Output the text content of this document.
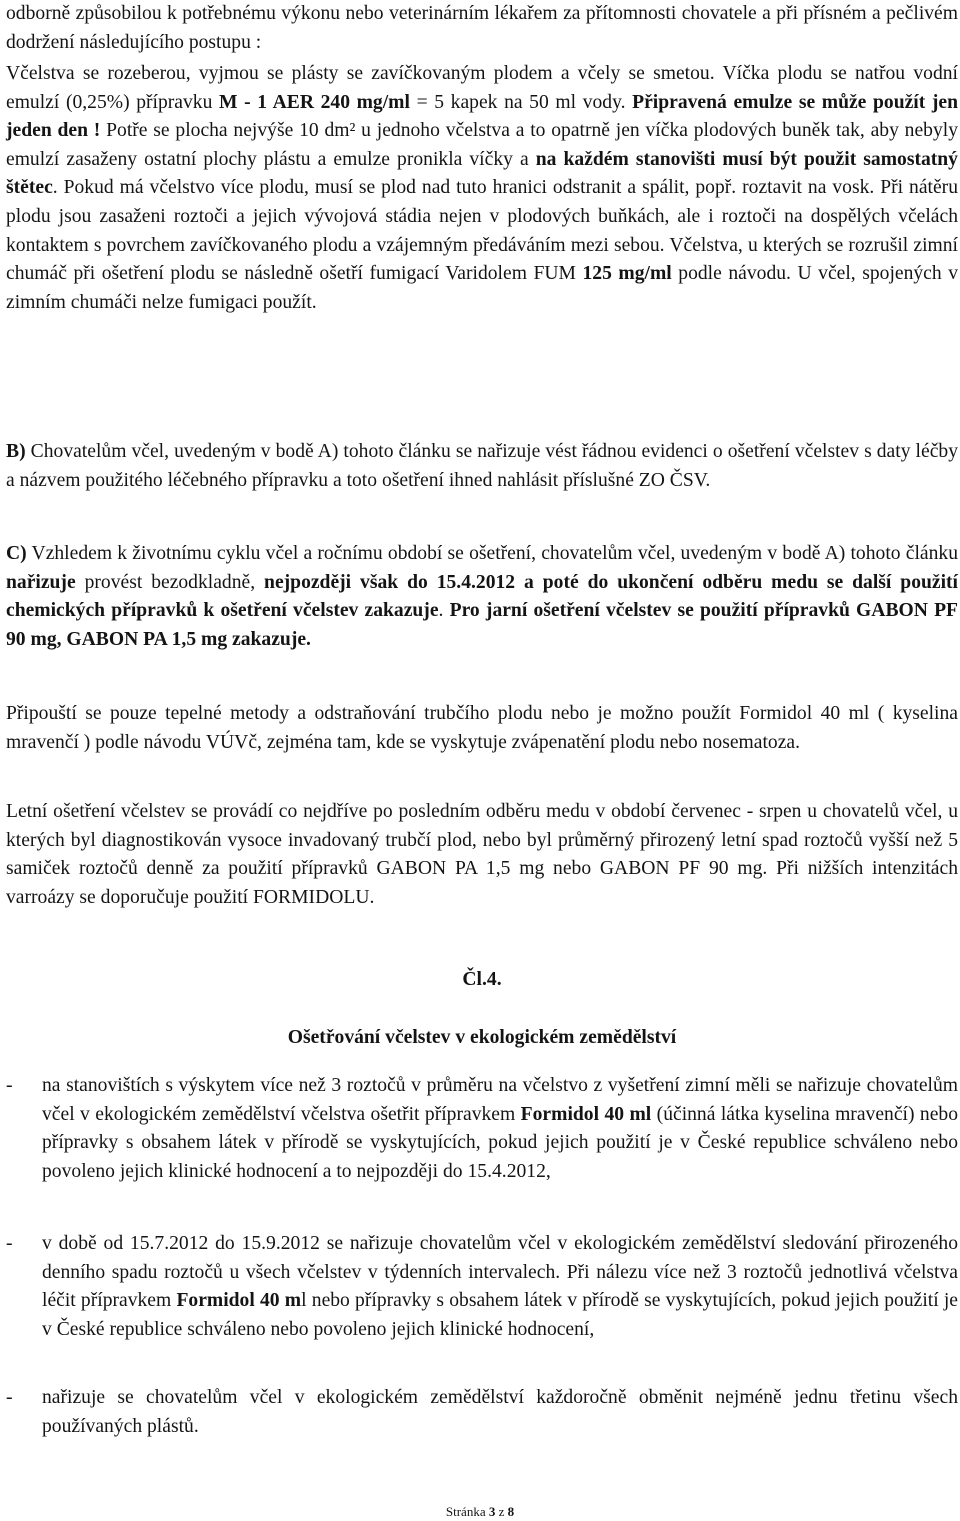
odborně způsobilou k potřebnému výkonu nebo veterinárním lékařem za přítomnosti chovatele a při přísném a pečlivém dodržení následujícího postupu :

Včelstva se rozeberou, vyjmou se plásty se zavíčkovaným plodem a včely se smetou. Víčka plodu se natřou vodní emulzí (0,25%) přípravku M - 1 AER 240 mg/ml = 5 kapek na 50 ml vody. Připravená emulze se může použít jen jeden den ! Potře se plocha nejvýše 10 dm² u jednoho včelstva a to opatrně jen víčka plodových buněk tak, aby nebyly emulzí zasaženy ostatní plochy plástu a emulze pronikla víčky a na každém stanovišti musí být použit samostatný štětec. Pokud má včelstvo více plodu, musí se plod nad tuto hranici odstranit a spálit, popř. roztavit na vosk. Při nátěru plodu jsou zasaženi roztoči a jejich vývojová stádia nejen v plodových buňkách, ale i roztoči na dospělých včelách kontaktem s povrchem zavíčkovaného plodu a vzájemným předáváním mezi sebou. Včelstva, u kterých se rozrušil zimní chumáč při ošetření plodu se následně ošetří fumigací Varidolem FUM 125 mg/ml podle návodu. U včel, spojených v zimním chumáči nelze fumigaci použít.

B) Chovatelům včel, uvedeným v bodě A) tohoto článku se nařizuje vést řádnou evidenci o ošetření včelstev s daty léčby a názvem použitého léčebného přípravku a toto ošetření ihned nahlásit příslušné ZO ČSV.

C) Vzhledem k životnímu cyklu včel a ročnímu období se ošetření, chovatelům včel, uvedeným v bodě A) tohoto článku nařizuje provést bezodkladně, nejpozději však do 15.4.2012 a poté do ukončení odběru medu se další použití chemických přípravků k ošetření včelstev zakazuje. Pro jarní ošetření včelstev se použití přípravků GABON PF 90 mg, GABON PA 1,5 mg zakazuje.

Připouští se pouze tepelné metody a odstraňování trubčího plodu nebo je možno použít Formidol 40 ml ( kyselina mravenčí ) podle návodu VÚVč, zejména tam, kde se vyskytuje zvápenatění plodu nebo nosematoza.

Letní ošetření včelstev se provádí co nejdříve po posledním odběru medu v období červenec - srpen u chovatelů včel, u kterých byl diagnostikován vysoce invadovaný trubčí plod, nebo byl průměrný přirozený letní spad roztočů vyšší než 5 samiček roztočů denně za použití přípravků GABON PA 1,5 mg nebo GABON PF 90 mg. Při nižších intenzitách varroázy se doporučuje použití FORMIDOLU.

Čl.4.
Ošetřování včelstev v ekologickém zemědělství
- na stanovištích s výskytem více než 3 roztočů v průměru na včelstvo z vyšetření zimní měli se nařizuje chovatelům včel v ekologickém zemědělství včelstva ošetřit přípravkem Formidol 40 ml (účinná látka kyselina mravenčí) nebo přípravky s obsahem látek v přírodě se vyskytujících, pokud jejich použití je v České republice schváleno nebo povoleno jejich klinické hodnocení a to nejpozději do 15.4.2012,

- v době od 15.7.2012 do 15.9.2012 se nařizuje chovatelům včel v ekologickém zemědělství sledování přirozeného denního spadu roztočů u všech včelstev v týdenních intervalech. Při nálezu více než 3 roztočů jednotlivá včelstva léčit přípravkem Formidol 40 ml nebo přípravky s obsahem látek v přírodě se vyskytujících, pokud jejich použití je v České republice schváleno nebo povoleno jejich klinické hodnocení,

- nařizuje se chovatelům včel v ekologickém zemědělství každoročně obměnit nejméně jednu třetinu všech používaných plástů.

Stránka 3 z 8
